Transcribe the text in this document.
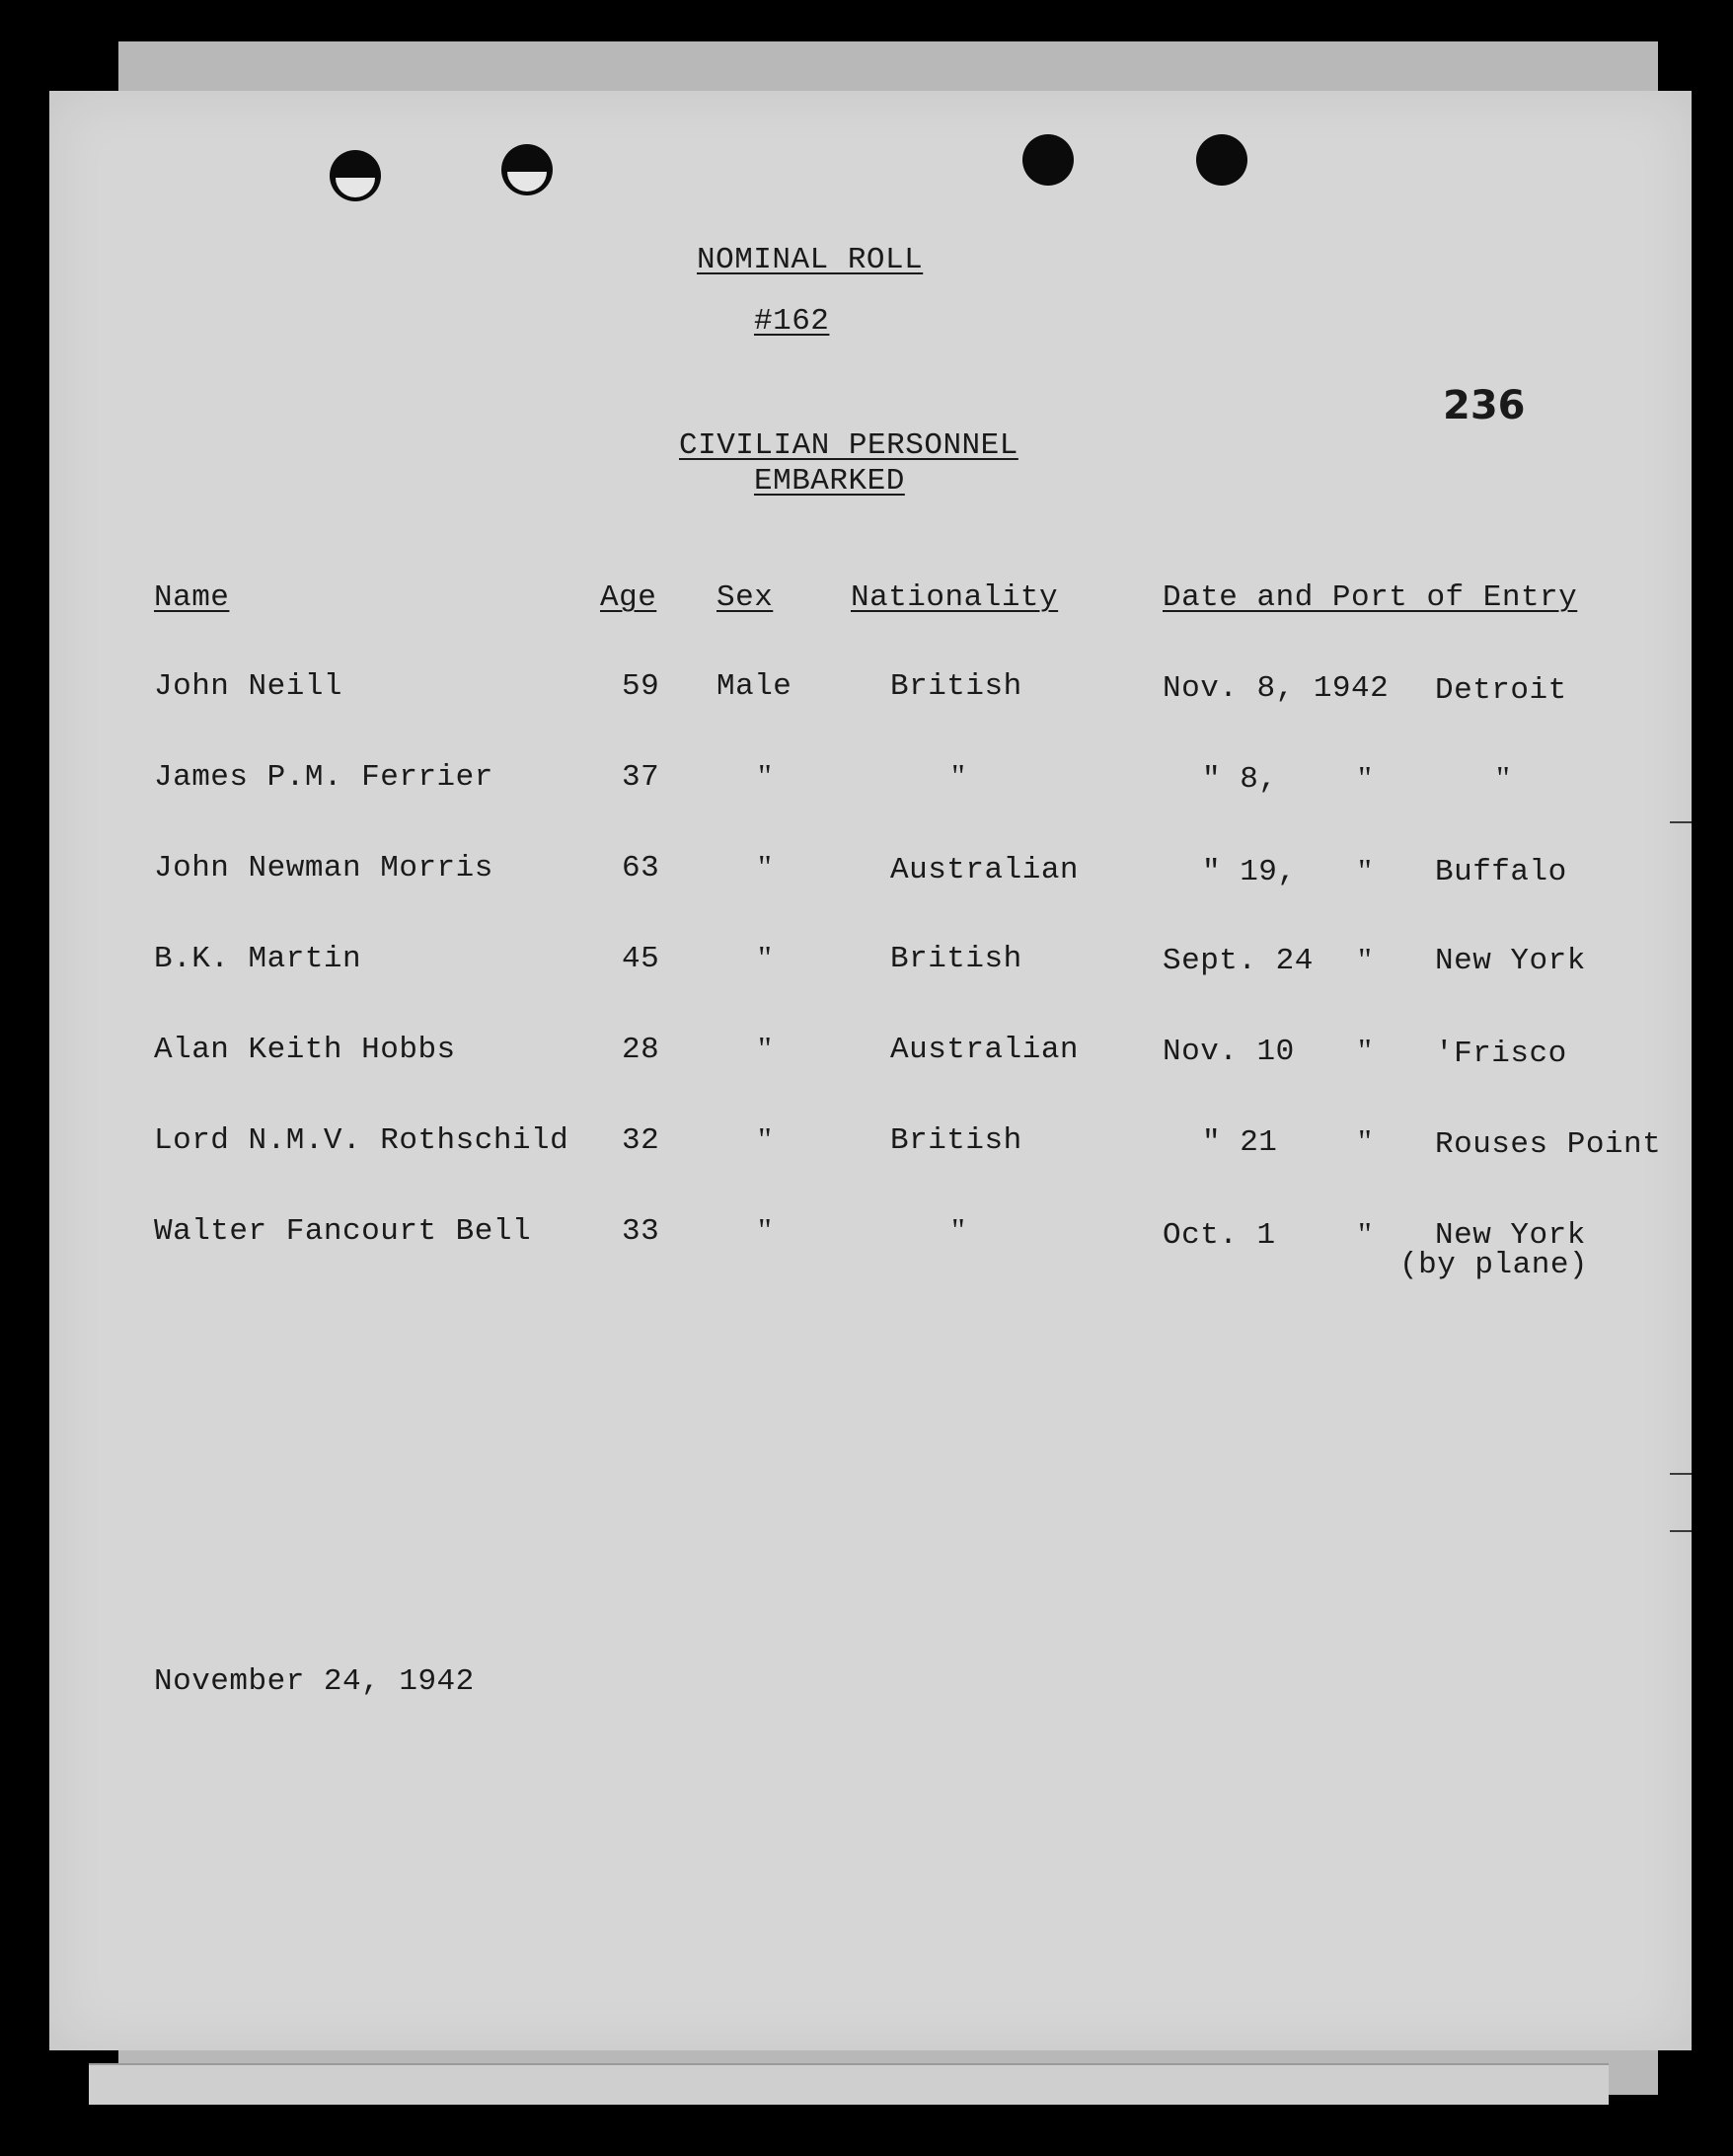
NOMINAL ROLL
#162
236
CIVILIAN PERSONNEL
EMBARKED
Name	Age Sex	Nationality	Date and Port of Entry
John Neill	59 Male	British	Nov. 8, 1942 Detroit
James P.M. Ferrier	37	"	"	" 8, "	"
John Newman Morris	63	"	Australian	" 19, " Buffalo
B.K. Martin	45	"	British	Sept. 24 " New York
Alan Keith Hobbs	28	"	Australian	Nov. 10 " 'Frisco
Lord N.M.V. Rothschild 32	"	British	" 21 " Rouses Point
Walter Fancourt Bell	33	"	"	Oct. 1 " New York
(by plane)
November 24, 1942
